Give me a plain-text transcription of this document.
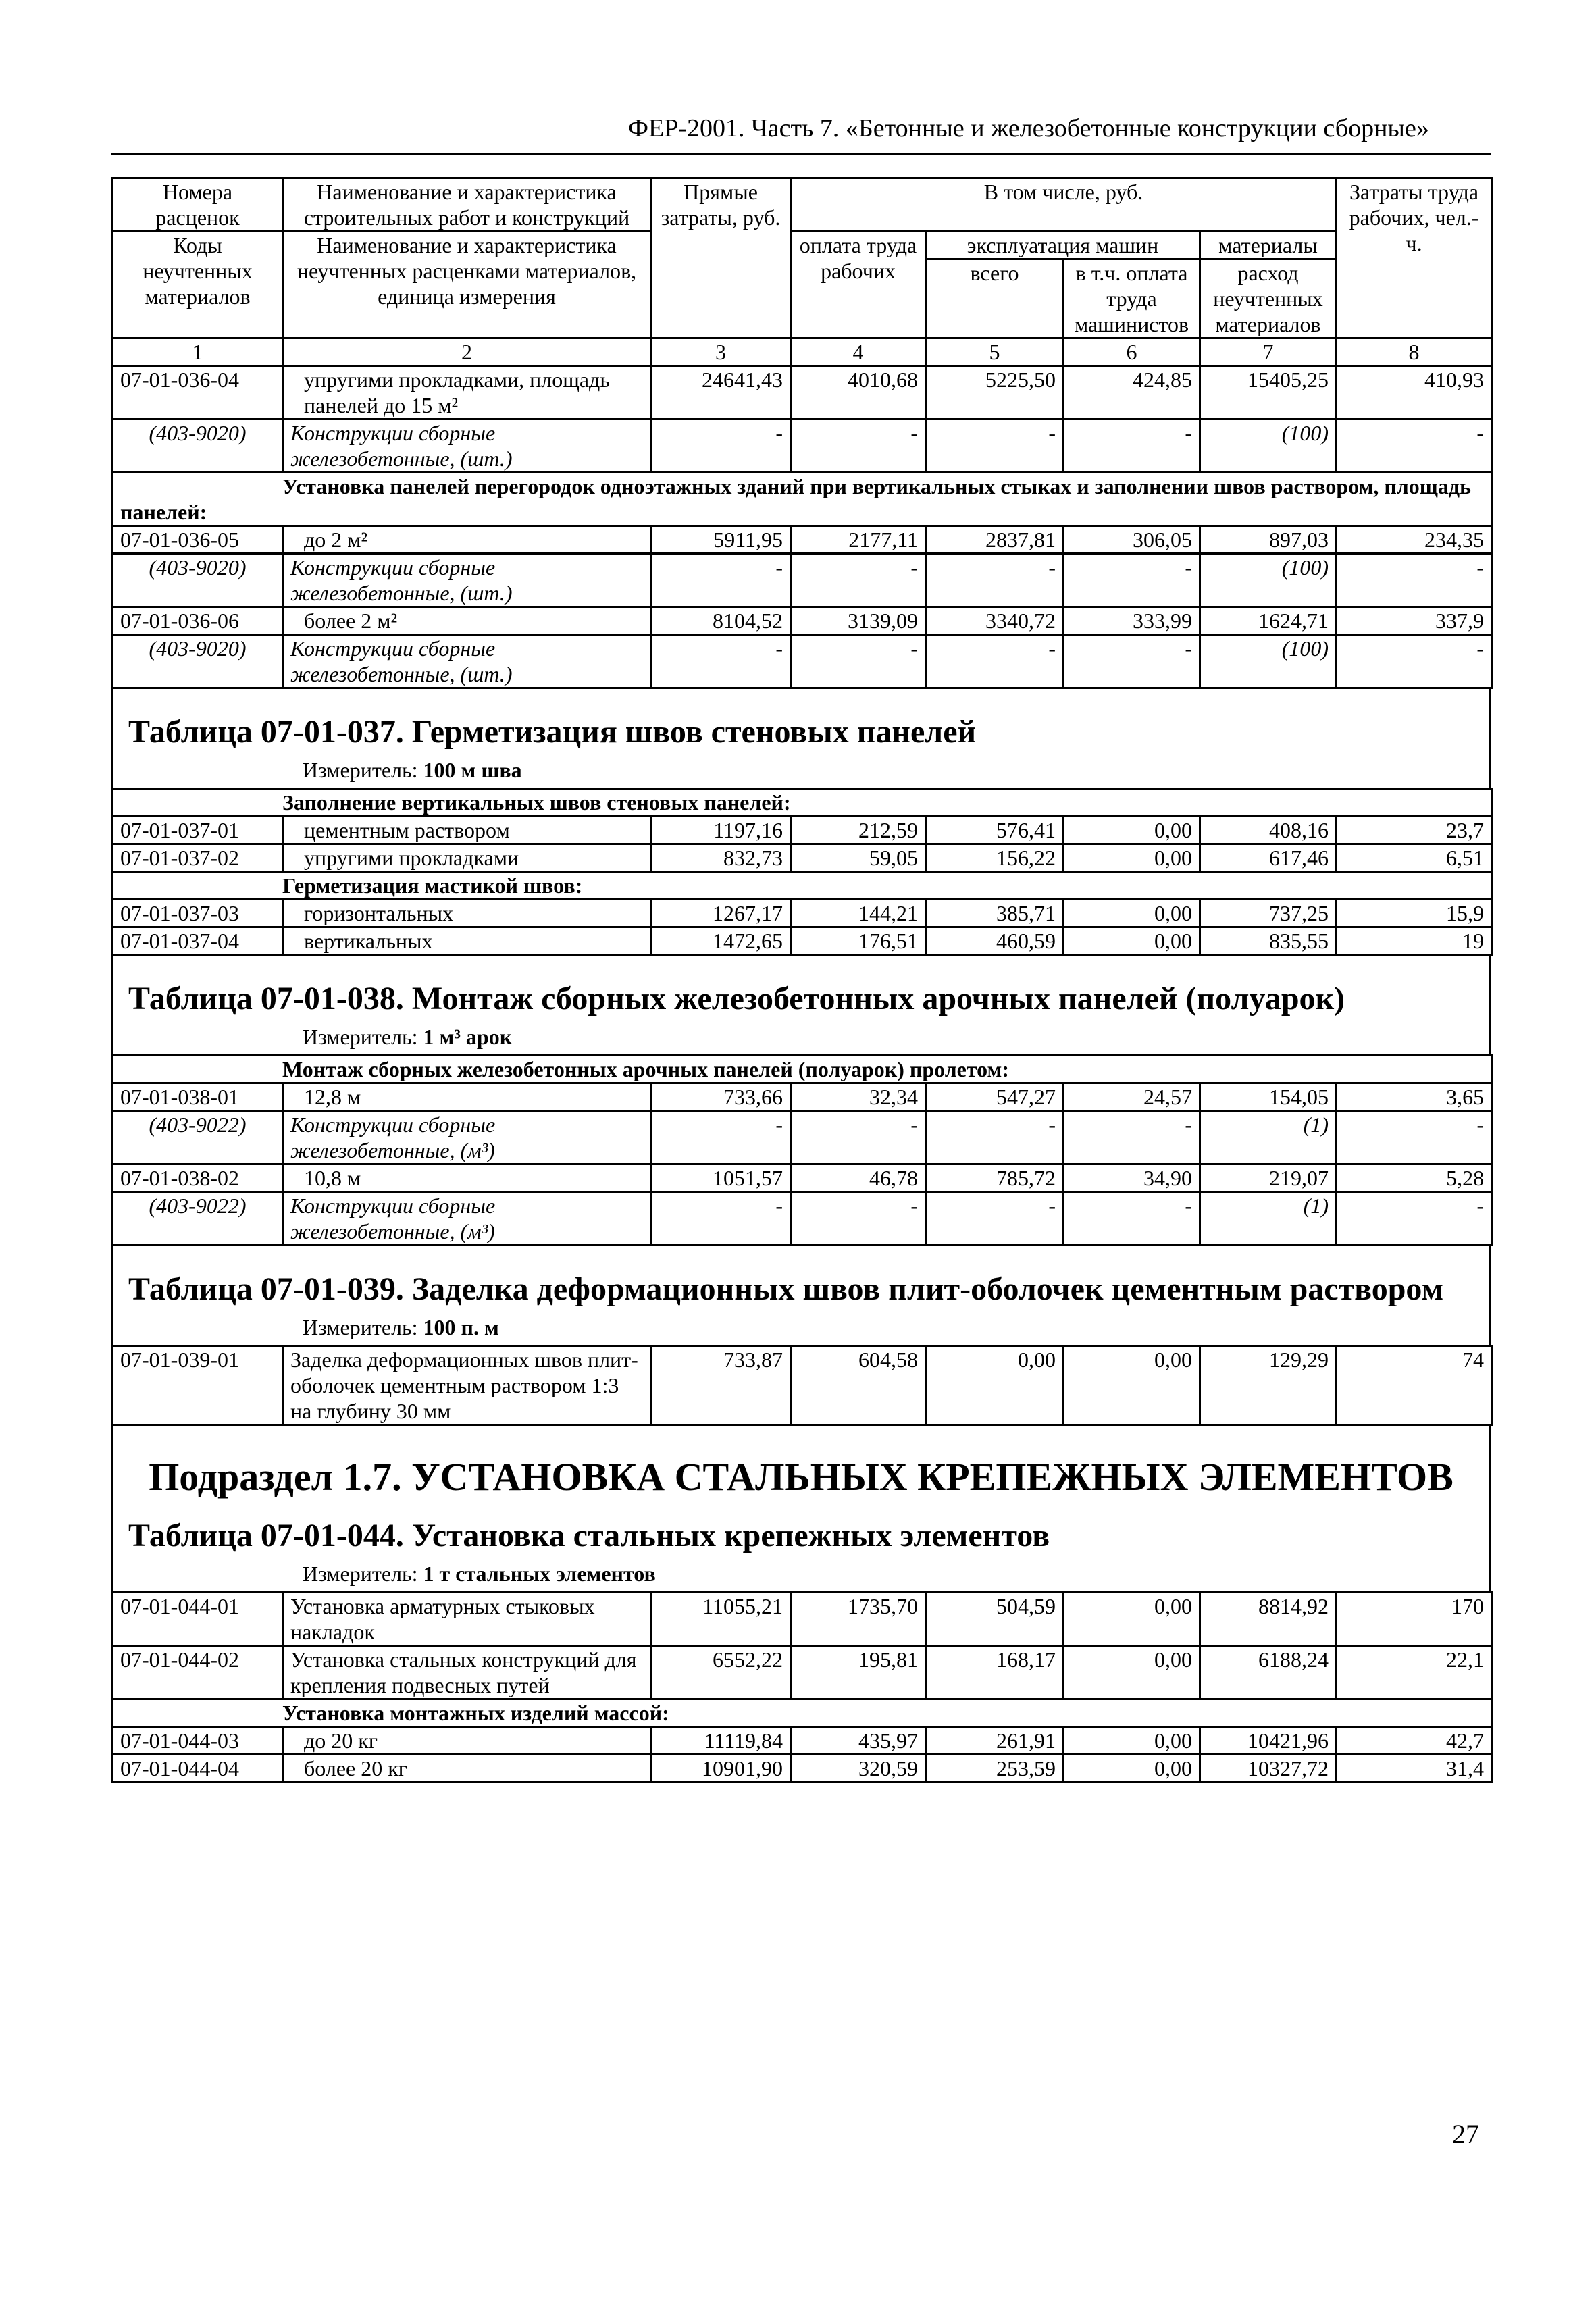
ФЕР-2001. Часть 7. «Бетонные и железобетонные конструкции сборные»
Номера расценок	Наименование и характеристика строительных работ и конструкций	Прямые затраты, руб.	В том числе, руб.				Затраты труда рабочих, чел.-ч.
Коды неучтенных материалов	Наименование и характеристика неучтенных расценками материалов, единица измерения		оплата труда рабочих	эксплуатация машин		материалы	
				всего	в т.ч. оплата труда машинистов	расход неучтенных материалов	
1	2	3	4	5	6	7	8
07-01-036-04	упругими прокладками, площадь панелей до 15 м²	24641,43	4010,68	5225,50	424,85	15405,25	410,93
(403-9020)	Конструкции сборные железобетонные, (шт.)	-	-	-	-	(100)	-
Установка панелей перегородок одноэтажных зданий при вертикальных стыках и заполнении швов раствором, площадь панелей:							
07-01-036-05	до 2 м²	5911,95	2177,11	2837,81	306,05	897,03	234,35
(403-9020)	Конструкции сборные железобетонные, (шт.)	-	-	-	-	(100)	-
07-01-036-06	более 2 м²	8104,52	3139,09	3340,72	333,99	1624,71	337,9
(403-9020)	Конструкции сборные железобетонные, (шт.)	-	-	-	-	(100)	-
Таблица 07-01-037. Герметизация швов стеновых панелей
Измеритель: 100 м шва
Заполнение вертикальных швов стеновых панелей:							
07-01-037-01	цементным раствором	1197,16	212,59	576,41	0,00	408,16	23,7
07-01-037-02	упругими прокладками	832,73	59,05	156,22	0,00	617,46	6,51
Герметизация мастикой швов:							
07-01-037-03	горизонтальных	1267,17	144,21	385,71	0,00	737,25	15,9
07-01-037-04	вертикальных	1472,65	176,51	460,59	0,00	835,55	19
Таблица 07-01-038. Монтаж сборных железобетонных арочных панелей (полуарок)
Измеритель: 1 м³ арок
Монтаж сборных железобетонных арочных панелей (полуарок) пролетом:							
07-01-038-01	12,8 м	733,66	32,34	547,27	24,57	154,05	3,65
(403-9022)	Конструкции сборные железобетонные, (м³)	-	-	-	-	(1)	-
07-01-038-02	10,8 м	1051,57	46,78	785,72	34,90	219,07	5,28
(403-9022)	Конструкции сборные железобетонные, (м³)	-	-	-	-	(1)	-
Таблица 07-01-039. Заделка деформационных швов плит-оболочек цементным раствором
Измеритель: 100 п. м
07-01-039-01	Заделка деформационных швов плит-оболочек цементным раствором 1:3 на глубину 30 мм	733,87	604,58	0,00	0,00	129,29	74
Подраздел 1.7. УСТАНОВКА СТАЛЬНЫХ КРЕПЕЖНЫХ ЭЛЕМЕНТОВ
Таблица 07-01-044. Установка стальных крепежных элементов
Измеритель: 1 т стальных элементов
07-01-044-01	Установка арматурных стыковых накладок	11055,21	1735,70	504,59	0,00	8814,92	170
07-01-044-02	Установка стальных конструкций для крепления подвесных путей	6552,22	195,81	168,17	0,00	6188,24	22,1
Установка монтажных изделий массой:							
07-01-044-03	до 20 кг	11119,84	435,97	261,91	0,00	10421,96	42,7
07-01-044-04	более 20 кг	10901,90	320,59	253,59	0,00	10327,72	31,4
27
